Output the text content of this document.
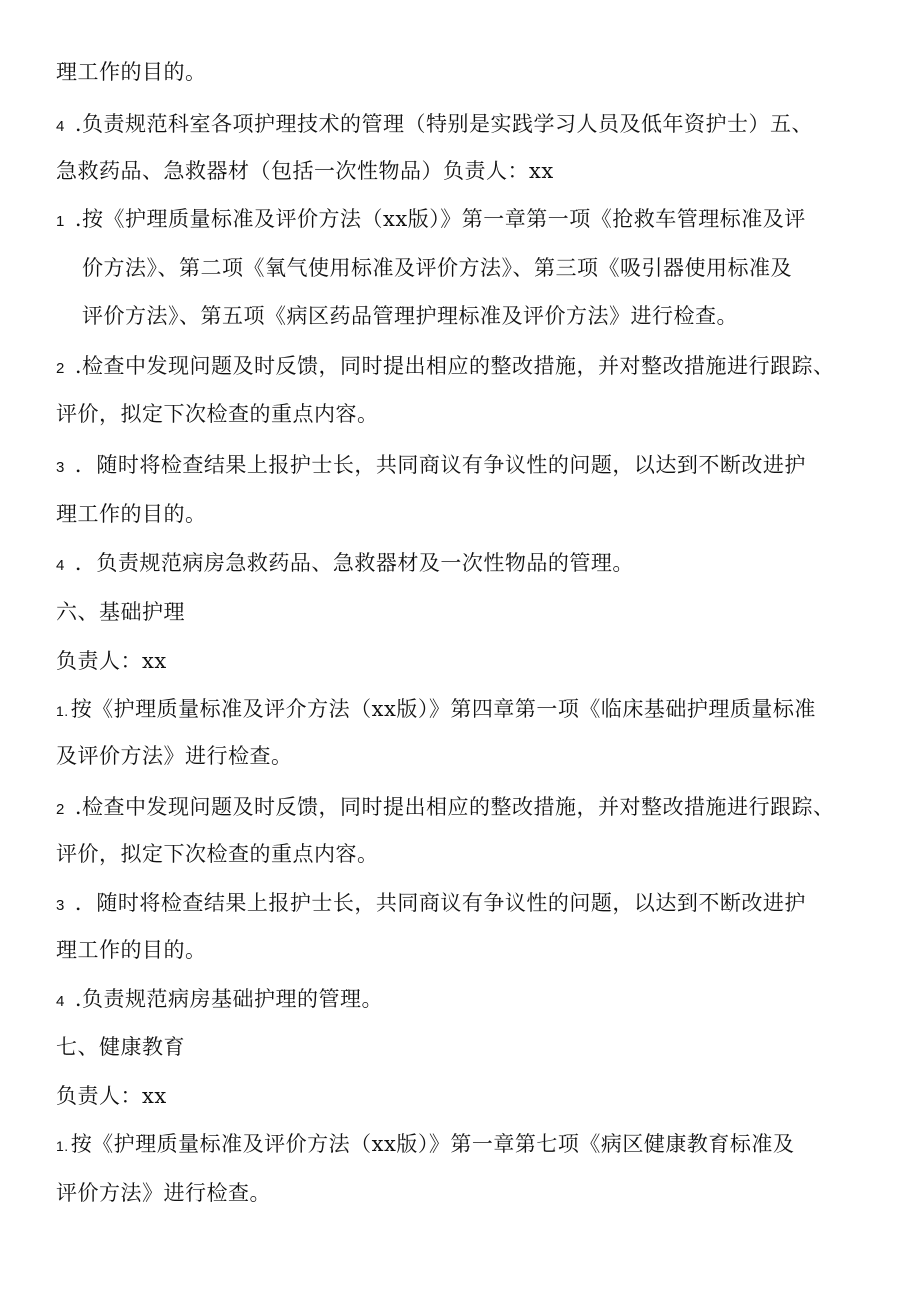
理工作的目的。
4 .负责规范科室各项护理技术的管理（特别是实践学习人员及低年资护士）五、
急救药品、急救器材（包括一次性物品）负责人：xx
1 .按《护理质量标准及评价方法（xx版）》第一章第一项《抢救车管理标准及评
价方法》、第二项《氧气使用标准及评价方法》、第三项《吸引器使用标准及
评价方法》、第五项《病区药品管理护理标准及评价方法》进行检查。
2 .检查中发现问题及时反馈，同时提出相应的整改措施，并对整改措施进行跟踪、
评价，拟定下次检查的重点内容。
3 ．随时将检查结果上报护士长，共同商议有争议性的问题，以达到不断改进护
理工作的目的。
4 ．负责规范病房急救药品、急救器材及一次性物品的管理。
六、基础护理
负责人：xx
1.按《护理质量标准及评介方法（xx版）》第四章第一项《临床基础护理质量标准
及评价方法》进行检查。
2 .检查中发现问题及时反馈，同时提出相应的整改措施，并对整改措施进行跟踪、
评价，拟定下次检查的重点内容。
3 ．随时将检查结果上报护士长，共同商议有争议性的问题，以达到不断改进护
理工作的目的。
4 .负责规范病房基础护理的管理。
七、健康教育
负责人：xx
1.按《护理质量标准及评价方法（xx版）》第一章第七项《病区健康教育标准及
评价方法》进行检查。
